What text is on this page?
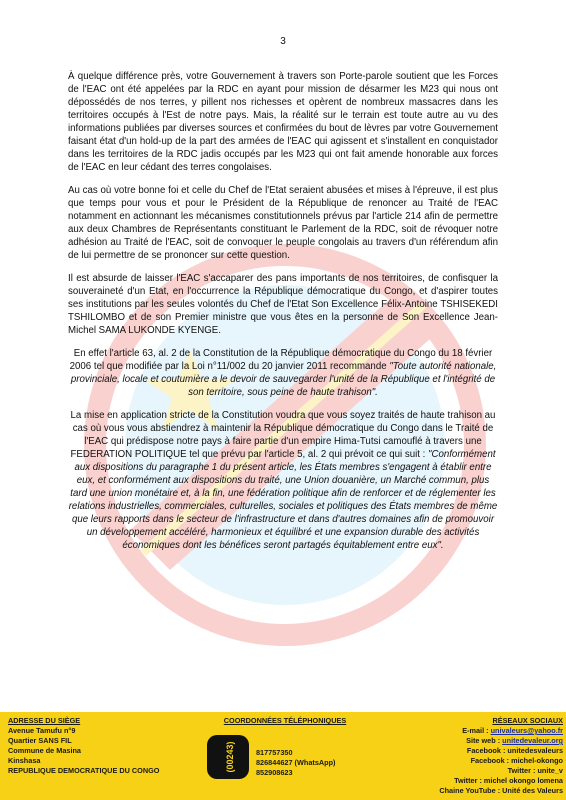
3

À quelque différence près, votre Gouvernement à travers son Porte-parole soutient que les Forces de l'EAC ont été appelées par la RDC en ayant pour mission de désarmer les M23 qui nous ont dépossédés de nos terres, y pillent nos richesses et opèrent de nombreux massacres dans les territoires occupés à l'Est de notre pays. Mais, la réalité sur le terrain est toute autre au vu des informations publiées par diverses sources et confirmées du bout de lèvres par votre Gouvernement faisant état d'un hold-up de la part des armées de l'EAC qui agissent et s'installent en conquistador dans les territoires de la RDC jadis occupés par les M23 qui ont fait amende honorable aux forces de l'EAC en leur cédant des terres congolaises.

Au cas où votre bonne foi et celle du Chef de l'Etat seraient abusées et mises à l'épreuve, il est plus que temps pour vous et pour le Président de la République de renoncer au Traité de l'EAC notamment en actionnant les mécanismes constitutionnels prévus par l'article 214 afin de permettre aux deux Chambres de Représentants constituant le Parlement de la RDC, soit de révoquer notre adhésion au Traité de l'EAC, soit de convoquer le peuple congolais au travers d'un référendum afin de lui permettre de se prononcer sur cette question.

Il est absurde de laisser l'EAC s'accaparer des pans importants de nos territoires, de confisquer la souveraineté d'un Etat, en l'occurrence la République démocratique du Congo, et d'aspirer toutes ses institutions par les seules volontés du Chef de l'Etat Son Excellence Félix-Antoine TSHISEKEDI TSHILOMBO et de son Premier ministre que vous êtes en la personne de Son Excellence Jean-Michel SAMA LUKONDE KYENGE.

En effet l'article 63, al. 2 de la Constitution de la République démocratique du Congo du 18 février 2006 tel que modifiée par la Loi n°11/002 du 20 janvier 2011 recommande "Toute autorité nationale, provinciale, locale et coutumière a le devoir de sauvegarder l'unité de la République et l'intégrité de son territoire, sous peine de haute trahison".

La mise en application stricte de la Constitution voudra que vous soyez traités de haute trahison au cas où vous vous abstiendrez à maintenir la République démocratique du Congo dans le Traité de l'EAC qui prédispose notre pays à faire partie d'un empire Hima-Tutsi camouflé à travers une FEDERATION POLITIQUE tel que prévu par l'article 5, al. 2 qui prévoit ce qui suit : "Conformément aux dispositions du paragraphe 1 du présent article, les États membres s'engagent à établir entre eux, et conformément aux dispositions du traité, une Union douanière, un Marché commun, plus tard une union monétaire et, à la fin, une fédération politique afin de renforcer et de réglementer les relations industrielles, commerciales, culturelles, sociales et politiques des États membres de même que leurs rapports dans le secteur de l'infrastructure et dans d'autres domaines afin de promouvoir un développement accéléré, harmonieux et équilibré et une expansion durable des activités économiques dont les bénéfices seront partagés équitablement entre eux".

ADRESSE DU SIÈGE
Avenue Tamufu n°9
Quartier SANS FIL
Commune de Masina
Kinshasa
REPUBLIQUE DEMOCRATIQUE DU CONGO
COORDONNÉES TÉLÉPHONIQUES
(00243)	817757350
826844627 (WhatsApp)
852908623
RÉSEAUX SOCIAUX
E-mail : univaleurs@yahoo.fr
Site web : unitedevaleur.org
Facebook : unitedesvaleurs
Facebook : michel-okongo
Twitter : unite_v
Twitter : michel okongo lomena
Chaine YouTube : Unité des Valeurs
